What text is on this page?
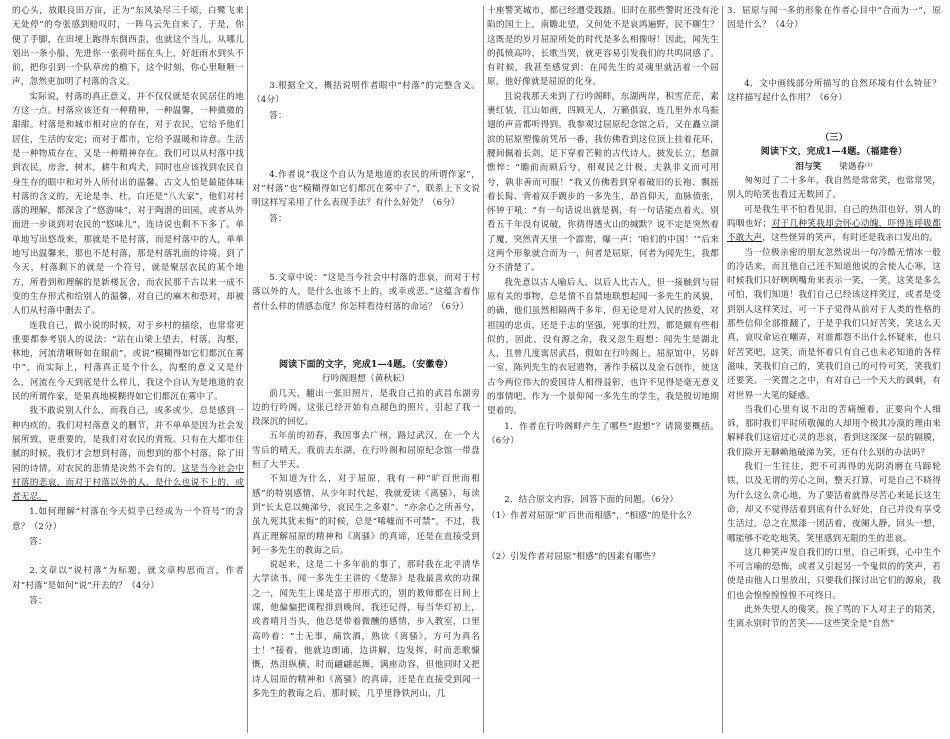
的心头，放眼良田万亩，正为“东风染尽三千顷，白鹭飞来无处停”的夸张感到赔叹时，一阵乌云先自来了，于是，你便了手脚，在田埂上跑得东倒西歪，也就这个当儿，从哪儿划出一条小船，先进你一张荷叶摇在头上，好赶雨水到头不前，把你引到一个队草房的檐下，这个时刻，你心里咂咂一声，忽然更加明了村落的含义。

实际说，村落的真正意义，并不仅仅就是农民居住的地方这一点。村落应该还有一种精神，一种温馨，一种微微的甜甜。村落是和城市相对应的存在，对于农民，它给予他们居住，生活的安定；而对于都市，它给予温暖和诗意。生活是一种物质存在，又是一种精神存在。我们可以从村落中找到农民，房舍，树木，耕牛和鸡犬，同时也应该找到农民自身生存的眼中和对外人所付出的温馨。古文人怕是最能体味村落的含义的，无论是李、杜，白还是“八大家”，他们对村落的理解，都深含了“悠游味”，对于陶潜的田园，或者从外面进一步谈到对农民的“悠味儿”，连诗说也剩不下多了。单单地写出悠哉来，那就是不是村落，而是村落中的人，单单地写出温馨来，那也不是村落，那是村落乳面的诗境。到了今天，村落剩下的就是一个符号，就是聚居农民的某个地方，所看到和理解的是新楼瓦舍，而农民那千古以来一成不变的生存形式和给别人的温馨，对自己的麻木和恐对，却被人们从村落中删去了。

连我自己，做小说的时候，对于乡村的描绘，也常常更重要都参考别人的说法：“站在山梁上望去，村落，沟壑，林地，河流清晰呀如在眼前”，或说“模糊得如它们都沉在雾中”，而实际上，村落真正是个什么，沟壑的意义又是什么，河流在今天到底是什么样儿，我这个自认为是地道的农民的所谓作家，是果真地模糊得如它们都沉在雾中了。

我不敢说别人什么，而我自己，或多或少，总是感到一种内疚的，我们对村落意义的删节，并不单单是因为社会发展所致，更重要的，是我们对农民的背叛。只有在大都市住腻的时候，我们才会想到村落，而想到的那个村落，除了田园的诗情，对农民的悲情是决然不会有的。这是当今社会中村落的悲哀，而对于村落以外的人，是什么也说不上的，或者无忍。

1.如何理解“村落在今天似乎已经成为一个符号”的含意？（2分）

答：

2.文章以“说村落”为标题，就文章构思而言，作者对“村落”是如何“说”开去的？（4分）

答：

3.根据全文，概括说明作者眼中“村落”的完整含义。（4分）

答：

4.作者说“我这个自认为是地道的农民的所谓作家”，对“村落”也“模糊得如它们都沉在雾中了”，联系上下文说明这样写采用了什么表现手法？有什么好处？（6分）

答：

5.文章中说：“这是当今社会中村落的悲哀，而对于村落以外的人，是什么也该不上的，或幸或悲。”这蕴含着作者什么样的情感态度？你怎样看待村落的命运？（6分）

阅读下面的文字，完成1—4题。（安徽卷）

行吟阁遐想（黄秋耘）

前几天，翻出一张旧照片，是我自己拍的武昌东湖旁边的行吟阁。这张已经开始有点褪色的照片，引起了我一段深沉的回忆。

五年前的初春，我因事去广州，路过武汉，在一个大雪后的晴天，我前去东湖，在行吟阁和屈原纪念馆一带盘桓了大半天。

不知道为什么，对于屈原，我有一种“旷百世而相感”的特别感情，从少年时代起，我就爱读《离骚》，每读到“长太息以掩涕兮，哀民生之多艰”、“亦余心之所善兮，虽九死其犹未悔”的时候，总是“唏嘘而不可禁”。不过，我真正理解屈原的精神和《离骚》的真谛，还是在直接受到阿一多先生的教诲之后。

说起来，这是二十多年前的事了，那时我在北平清华大学读书，闻一多先生主讲的《楚辞》是我最喜欢的功课之一，闻先生上课是富于形形式的，别的教师都在日间上课，他偏偏把课程排到晚间，我还记得，每当华灯初上，或者晴月当头，他总是带着微醺的感情，步入教室，口里高吟着：“士无事，痛饮酒，熟读《离骚》，方可为真名士！”接着，他就边朗诵，边讲解，边发挥，时而悲歌慷慨，热泪纵横，时而翩翩起舞，满座动容，但他同时又把诗人屈原的精神和《离骚》的真谛，还是在直接受到闻一多先生的教诲之后。那时候，几乎里铮铁河山，几

十座警笑城市，都已经遭受践踏。旧时在那些警时还没有沦陷的国土上，南瞻北望，又何处不是哀鸿遍野，民不聊生？这既是的岁月屈原所处的时代是多么相像呀！因此，闻先生的孤愤高吟，长歌当哭，就更容易引发我们的共鸣同感了。有时候，我甚至感觉到：在闻先生的灵魂里就活着一个屈原，他好像就是屈原的化身。

且说我那天来到了行吟阁畔，东湖两岸，积雪茫茫，素裹红装，江山如画，四顾无人，万籁俱寂，连几里外水鸟振翅的声音都听得到。我参观过屈原纪念馆之后，又在矗立湖滨的屈原塑像前凭吊一番，我仿佛看到这位顶上挂着花环，腰间佩着长剑，足下穿着芒鞋的古代诗人，披发长立，愁颜憔悴：“瞻前而顾后兮，相观民之计极，夫孰非义而可用兮，孰非善而可服！”我又仿佛看到穿着破旧的长袍、飘摇着长髯、背着双手踱步的一多先生，昂首仰天，血脉偾张，怀钟于吼：“有一句话说出就是祸，有一句话能点着火。别看五千年没有说破，你猜得透火山的缄默？说不定是突然着了魔，突然青天里一个霹雳，爆一声：‘咱们的中国！’”后来这两个形象就合而为一，何者是屈原，何者为闻先生，我都分不清楚了。

我先意以古人喻后人，以后人比古人，但一接触到与屈原有关的事物，总是情不自禁地联想起闻一多先生的风貌，的确，他们虽然相隔两千多年，但无论是对人民的热爱，对祖国的忠贞，还是千志的坚强，死事的壮烈，都是颇有些相似的，因此，没有源之余，我又忽生遐想：闻先生是湖北人，且曾几度寓居武昌，假如在行吟阁上，屈原馆中，另辟一室，陈列先生的衣冠遗物，著作手稿以及金石创作，使这古今两位伟大的爱国诗人相得益彰，也许不见得是毫无意义的事情吧。作为一个景仰闻一多先生的学生，我是殷切地期望着的。

1．作者在行吟阁畔产生了哪些“遐想”？请简要概括。（6分）

2．结合原文内容，回答下面的问题。（6分）

（1）作者对屈原“旷百世而相感”，“相感”的是什么？

（2）引发作者对屈原“相感”的因素有哪些？

3．屈原与闻一多的形象在作者心目中“合而为一”，原因是什么？（4分）

4．文中画线部分所描写的自然环境有什么特征？这样描写起什么作用？（6分）

（三）

阅读下文，完成1—4题。（福建卷）

泪与笑 梁遇春⁽¹⁾

匆匆过了二十多年，我自然是常常笑，也常常哭，别人的哈笑也看过无数回了。

可是我生平不怕看见泪，自己的热泪也好，别人的呜咽也好；对于几种笑我却会怀心动魄，吓得连呼吸都不敢大声，这些怪异的笑声，有时还是我亲口发出的。

当一位极亲密的朋友忽然说出一句冷酷无情冰一般的冷话来，而且他自己还不知道他说的会使人心寒，这时候我们只好咧咧嘴角来表示一笑，一笑，这笑是多么可怕，我们知道！我们自己已经该这样笑过，或者是受到别人这样笑过，可一下子觉得从前对于人类的性格的那些信仰全部推翻了，于是乎我们只好苦笑，笑这么天真，哀叹命运在嘲弄，对谁都怨不出什么怀疑来，也只好苦笑吧，这笑，而是怀着只有自己也未必知道的各样滋味，笑我们自己的，笑我们自己的可怜可笑，笑我们还要笑。一笑置之之中，有对自己一个天大的讽刺，有对世界一大笔的疑惑。

当我们心里有说不出的苦痛缠着，正要向个人细诉，那时我们平时所敬佩的人却用个极其冷漠的理由来解释我们这宿过心灵的悲哀，看到这深深一层的隔膜，我们除开无聊赖地破涕为笑，还有什么别的办法吗？

我们一生往往，把不可再得的光阴消磨在马蹄轮铁，以及无谓的劳心之间，整天打算，可是自己不晓得为什么这么贪心地，为了要活着就得尽苦心来延长这生命，却又不觉得活着到底有什么好处，自己并没有享受生活过，总之在黑漆一团活着，夜阑人静，回头一想，哪能够不吃吃地笑，笑里感到无限的生的悲哀。

这几种笑声发自我们的口里，自己听到，心中生个不可言喻的恐怖，或者又引起另一个鬼似的的笑声，若使是由他人口里放出，只要我们探讨出它们的源泉，我们也会惶惶惶惶惶不可终日。

此外失望人的傻笑，挨了骂的下人对主子的陪笑，生离永别时节的苦笑——这些笑全是“自然”
